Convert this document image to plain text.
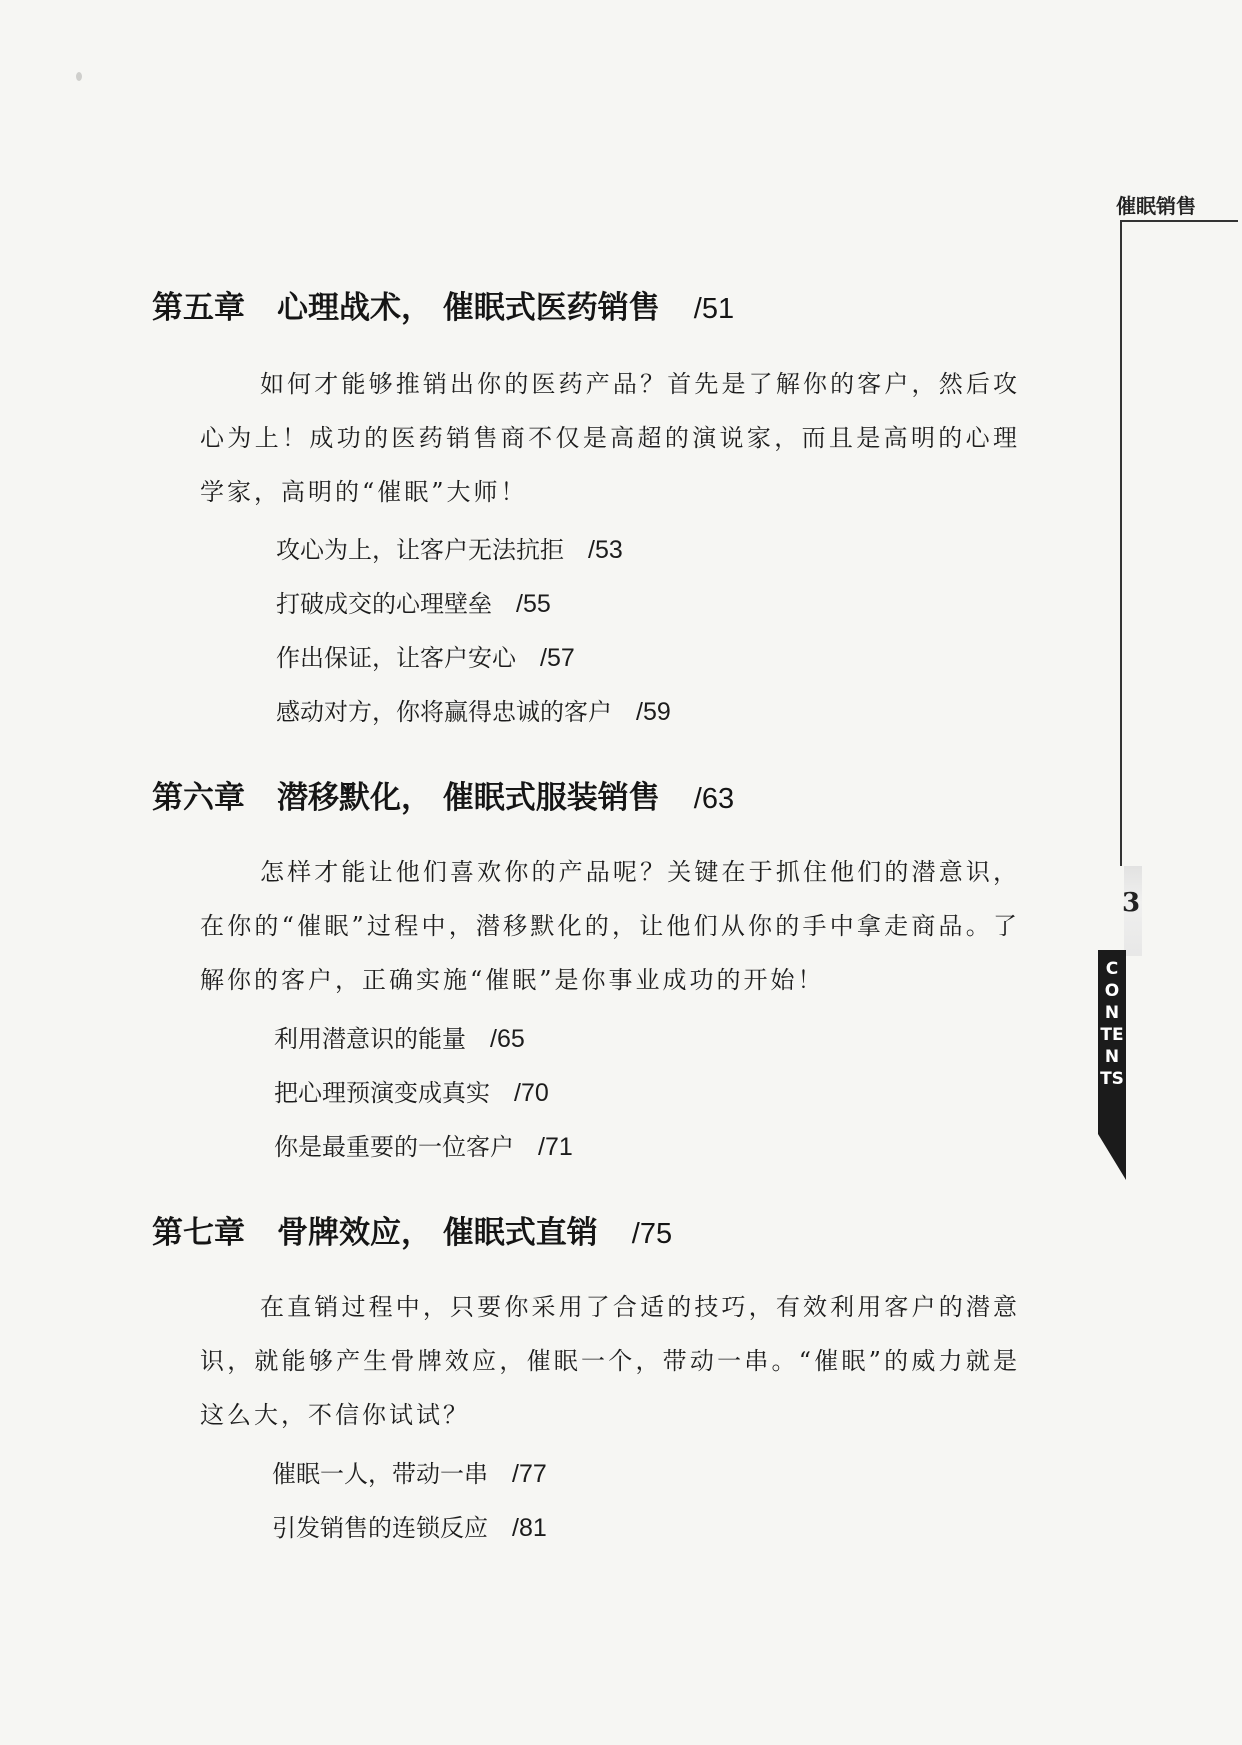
催眠销售
3
CONTENTS
第五章 心理战术， 催眠式医药销售 /51
如何才能够推销出你的医药产品？首先是了解你的客户，然后攻心为上！成功的医药销售商不仅是高超的演说家，而且是高明的心理学家，高明的“催眠”大师！
攻心为上，让客户无法抗拒 /53
打破成交的心理壁垒 /55
作出保证，让客户安心 /57
感动对方，你将赢得忠诚的客户 /59
第六章 潜移默化， 催眠式服装销售 /63
怎样才能让他们喜欢你的产品呢？关键在于抓住他们的潜意识，在你的“催眠”过程中，潜移默化的，让他们从你的手中拿走商品。了解你的客户，正确实施“催眠”是你事业成功的开始！
利用潜意识的能量 /65
把心理预演变成真实 /70
你是最重要的一位客户 /71
第七章 骨牌效应， 催眠式直销 /75
在直销过程中，只要你采用了合适的技巧，有效利用客户的潜意识，就能够产生骨牌效应，催眠一个，带动一串。“催眠”的威力就是这么大，不信你试试？
催眠一人，带动一串 /77
引发销售的连锁反应 /81
